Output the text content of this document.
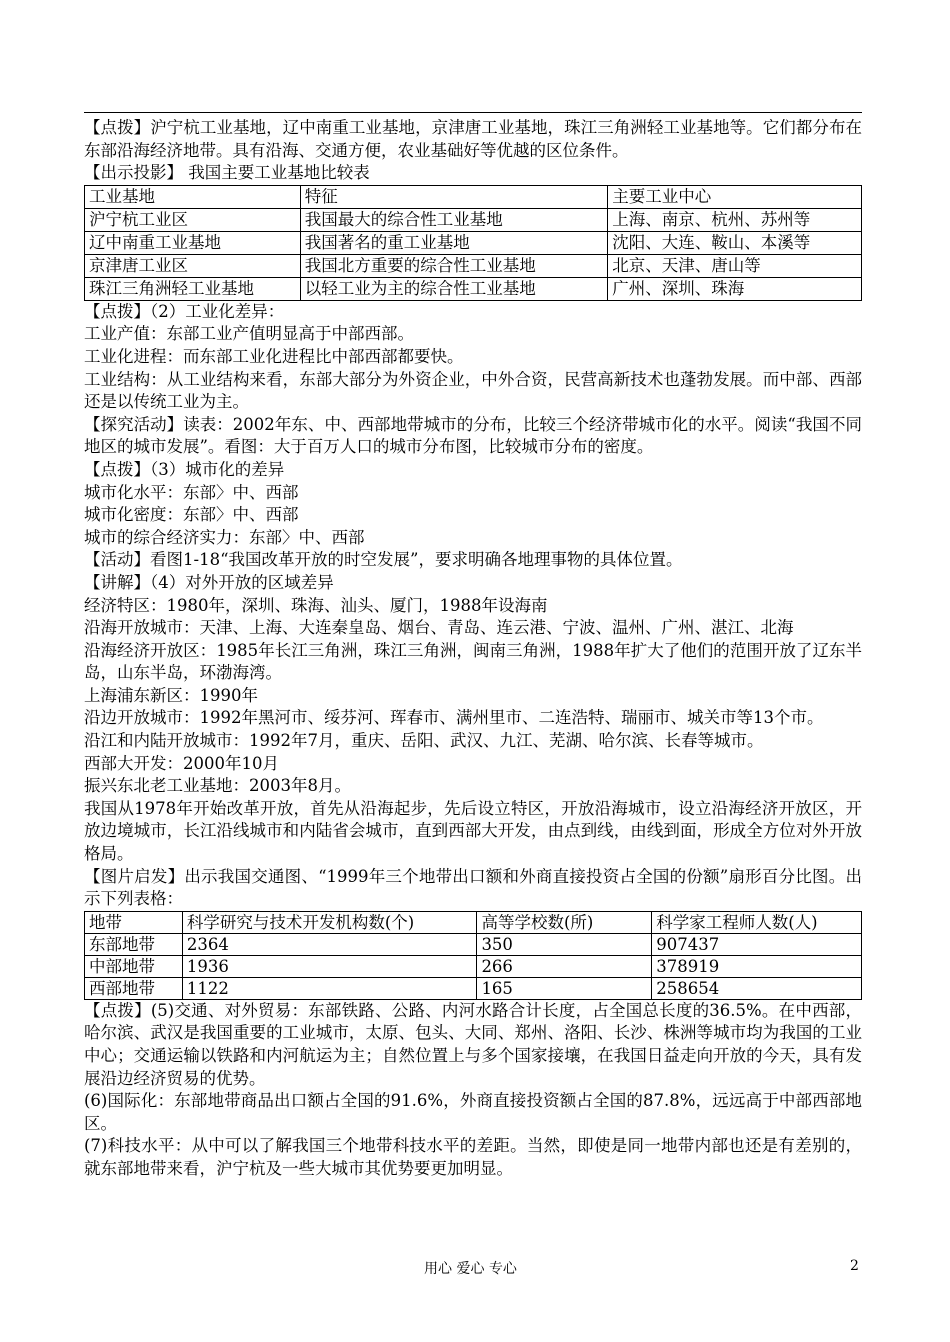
【点拨】沪宁杭工业基地，辽中南重工业基地，京津唐工业基地，珠江三角洲轻工业基地等。它们都分布在东部沿海经济地带。具有沿海、交通方便，农业基础好等优越的区位条件。

【出示投影】 我国主要工业基地比较表

工业基地	特征	主要工业中心
沪宁杭工业区	我国最大的综合性工业基地	上海、南京、杭州、苏州等
辽中南重工业基地	我国著名的重工业基地	沈阳、大连、鞍山、本溪等
京津唐工业区	我国北方重要的综合性工业基地	北京、天津、唐山等
珠江三角洲轻工业基地	以轻工业为主的综合性工业基地	广州、深圳、珠海

【点拨】（2）工业化差异：

工业产值：东部工业产值明显高于中部西部。

工业化进程：而东部工业化进程比中部西部都要快。

工业结构：从工业结构来看，东部大部分为外资企业，中外合资，民营高新技术也蓬勃发展。而中部、西部还是以传统工业为主。

【探究活动】读表：2002年东、中、西部地带城市的分布，比较三个经济带城市化的水平。阅读“我国不同地区的城市发展”。看图：大于百万人口的城市分布图，比较城市分布的密度。

【点拨】（3）城市化的差异

城市化水平：东部〉中、西部

城市化密度：东部〉中、西部

城市的综合经济实力：东部〉中、西部

【活动】看图1-18“我国改革开放的时空发展”，要求明确各地理事物的具体位置。

【讲解】（4）对外开放的区域差异

经济特区：1980年，深圳、珠海、汕头、厦门，1988年设海南

沿海开放城市：天津、上海、大连秦皇岛、烟台、青岛、连云港、宁波、温州、广州、湛江、北海

沿海经济开放区：1985年长江三角洲，珠江三角洲，闽南三角洲，1988年扩大了他们的范围开放了辽东半岛，山东半岛，环渤海湾。

上海浦东新区：1990年

沿边开放城市：1992年黑河市、绥芬河、珲春市、满州里市、二连浩特、瑞丽市、城关市等13个市。

沿江和内陆开放城市：1992年7月，重庆、岳阳、武汉、九江、芜湖、哈尔滨、长春等城市。

西部大开发：2000年10月

振兴东北老工业基地：2003年8月。

我国从1978年开始改革开放，首先从沿海起步，先后设立特区，开放沿海城市，设立沿海经济开放区，开放边境城市，长江沿线城市和内陆省会城市，直到西部大开发，由点到线，由线到面，形成全方位对外开放格局。

【图片启发】出示我国交通图、“1999年三个地带出口额和外商直接投资占全国的份额”扇形百分比图。出示下列表格：

地带	科学研究与技术开发机构数(个)	高等学校数(所)	科学家工程师人数(人)
东部地带	2364	350	907437
中部地带	1936	266	378919
西部地带	1122	165	258654

【点拨】(5)交通、对外贸易：东部铁路、公路、内河水路合计长度，占全国总长度的36.5%。在中西部，哈尔滨、武汉是我国重要的工业城市，太原、包头、大同、郑州、洛阳、长沙、株洲等城市均为我国的工业中心；交通运输以铁路和内河航运为主；自然位置上与多个国家接壤，在我国日益走向开放的今天，具有发展沿边经济贸易的优势。

(6)国际化：东部地带商品出口额占全国的91.6%，外商直接投资额占全国的87.8%，远远高于中部西部地区。

(7)科技水平：从中可以了解我国三个地带科技水平的差距。当然，即使是同一地带内部也还是有差别的，就东部地带来看，沪宁杭及一些大城市其优势要更加明显。

用心 爱心 专心	2
